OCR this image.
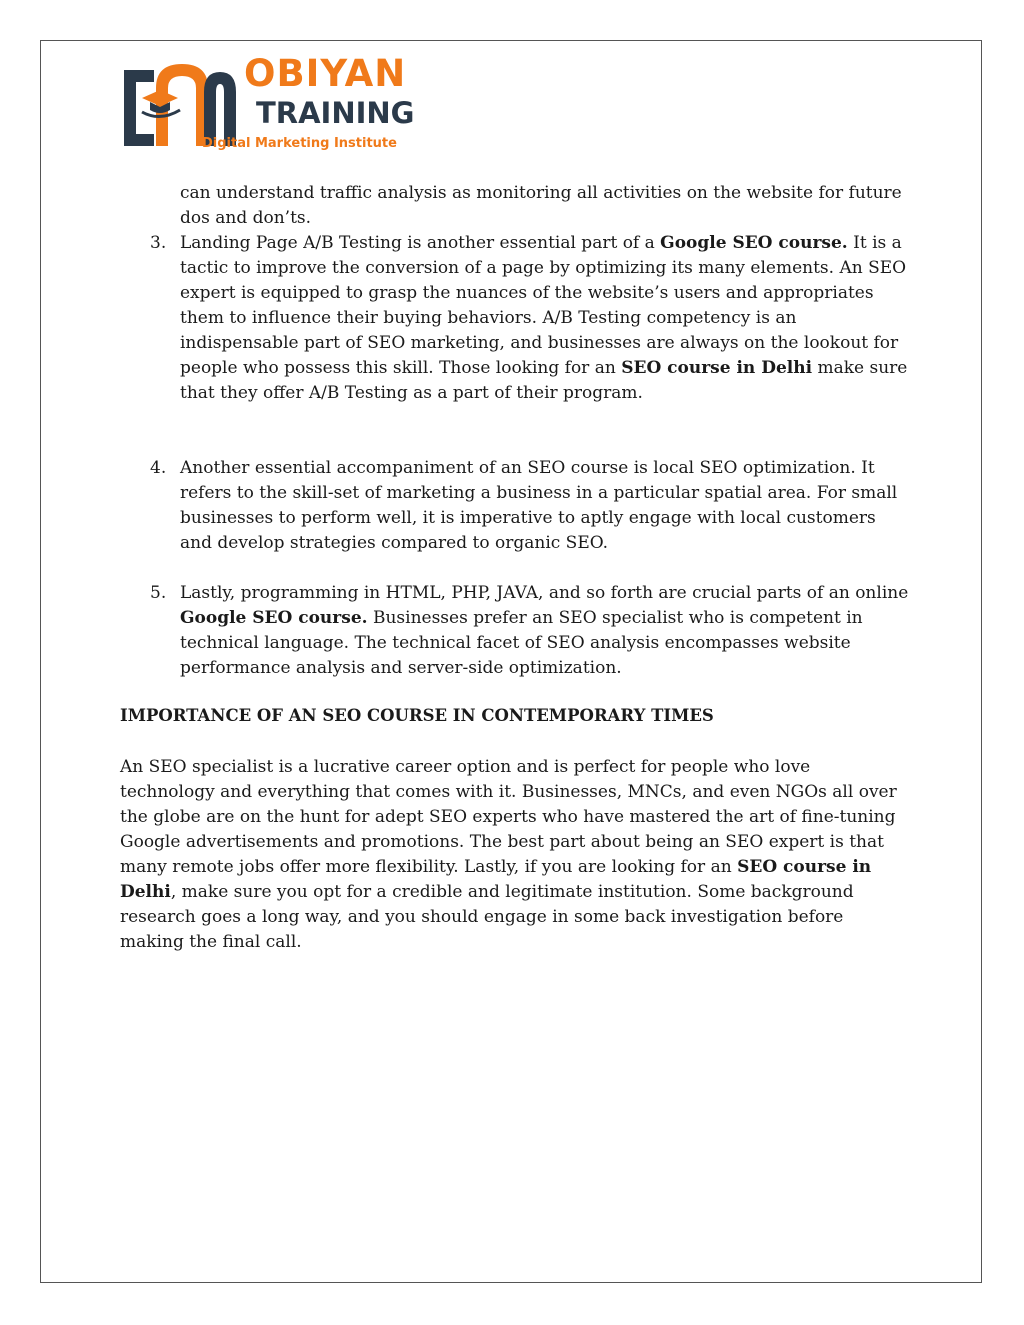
OBIYAN
TRAINING
Digital Marketing Institute
can understand traffic analysis as monitoring all activities on the website for future dos and don’ts.
3. Landing Page A/B Testing is another essential part of a Google SEO course. It is a tactic to improve the conversion of a page by optimizing its many elements. An SEO expert is equipped to grasp the nuances of the website’s users and appropriates them to influence their buying behaviors. A/B Testing competency is an indispensable part of SEO marketing, and businesses are always on the lookout for people who possess this skill. Those looking for an SEO course in Delhi make sure that they offer A/B Testing as a part of their program.
4. Another essential accompaniment of an SEO course is local SEO optimization. It refers to the skill-set of marketing a business in a particular spatial area. For small businesses to perform well, it is imperative to aptly engage with local customers and develop strategies compared to organic SEO.
5. Lastly, programming in HTML, PHP, JAVA, and so forth are crucial parts of an online Google SEO course. Businesses prefer an SEO specialist who is competent in technical language. The technical facet of SEO analysis encompasses website performance analysis and server-side optimization.
IMPORTANCE OF AN SEO COURSE IN CONTEMPORARY TIMES
An SEO specialist is a lucrative career option and is perfect for people who love technology and everything that comes with it. Businesses, MNCs, and even NGOs all over the globe are on the hunt for adept SEO experts who have mastered the art of fine-tuning Google advertisements and promotions. The best part about being an SEO expert is that many remote jobs offer more flexibility. Lastly, if you are looking for an SEO course in Delhi, make sure you opt for a credible and legitimate institution. Some background research goes a long way, and you should engage in some back investigation before making the final call.
